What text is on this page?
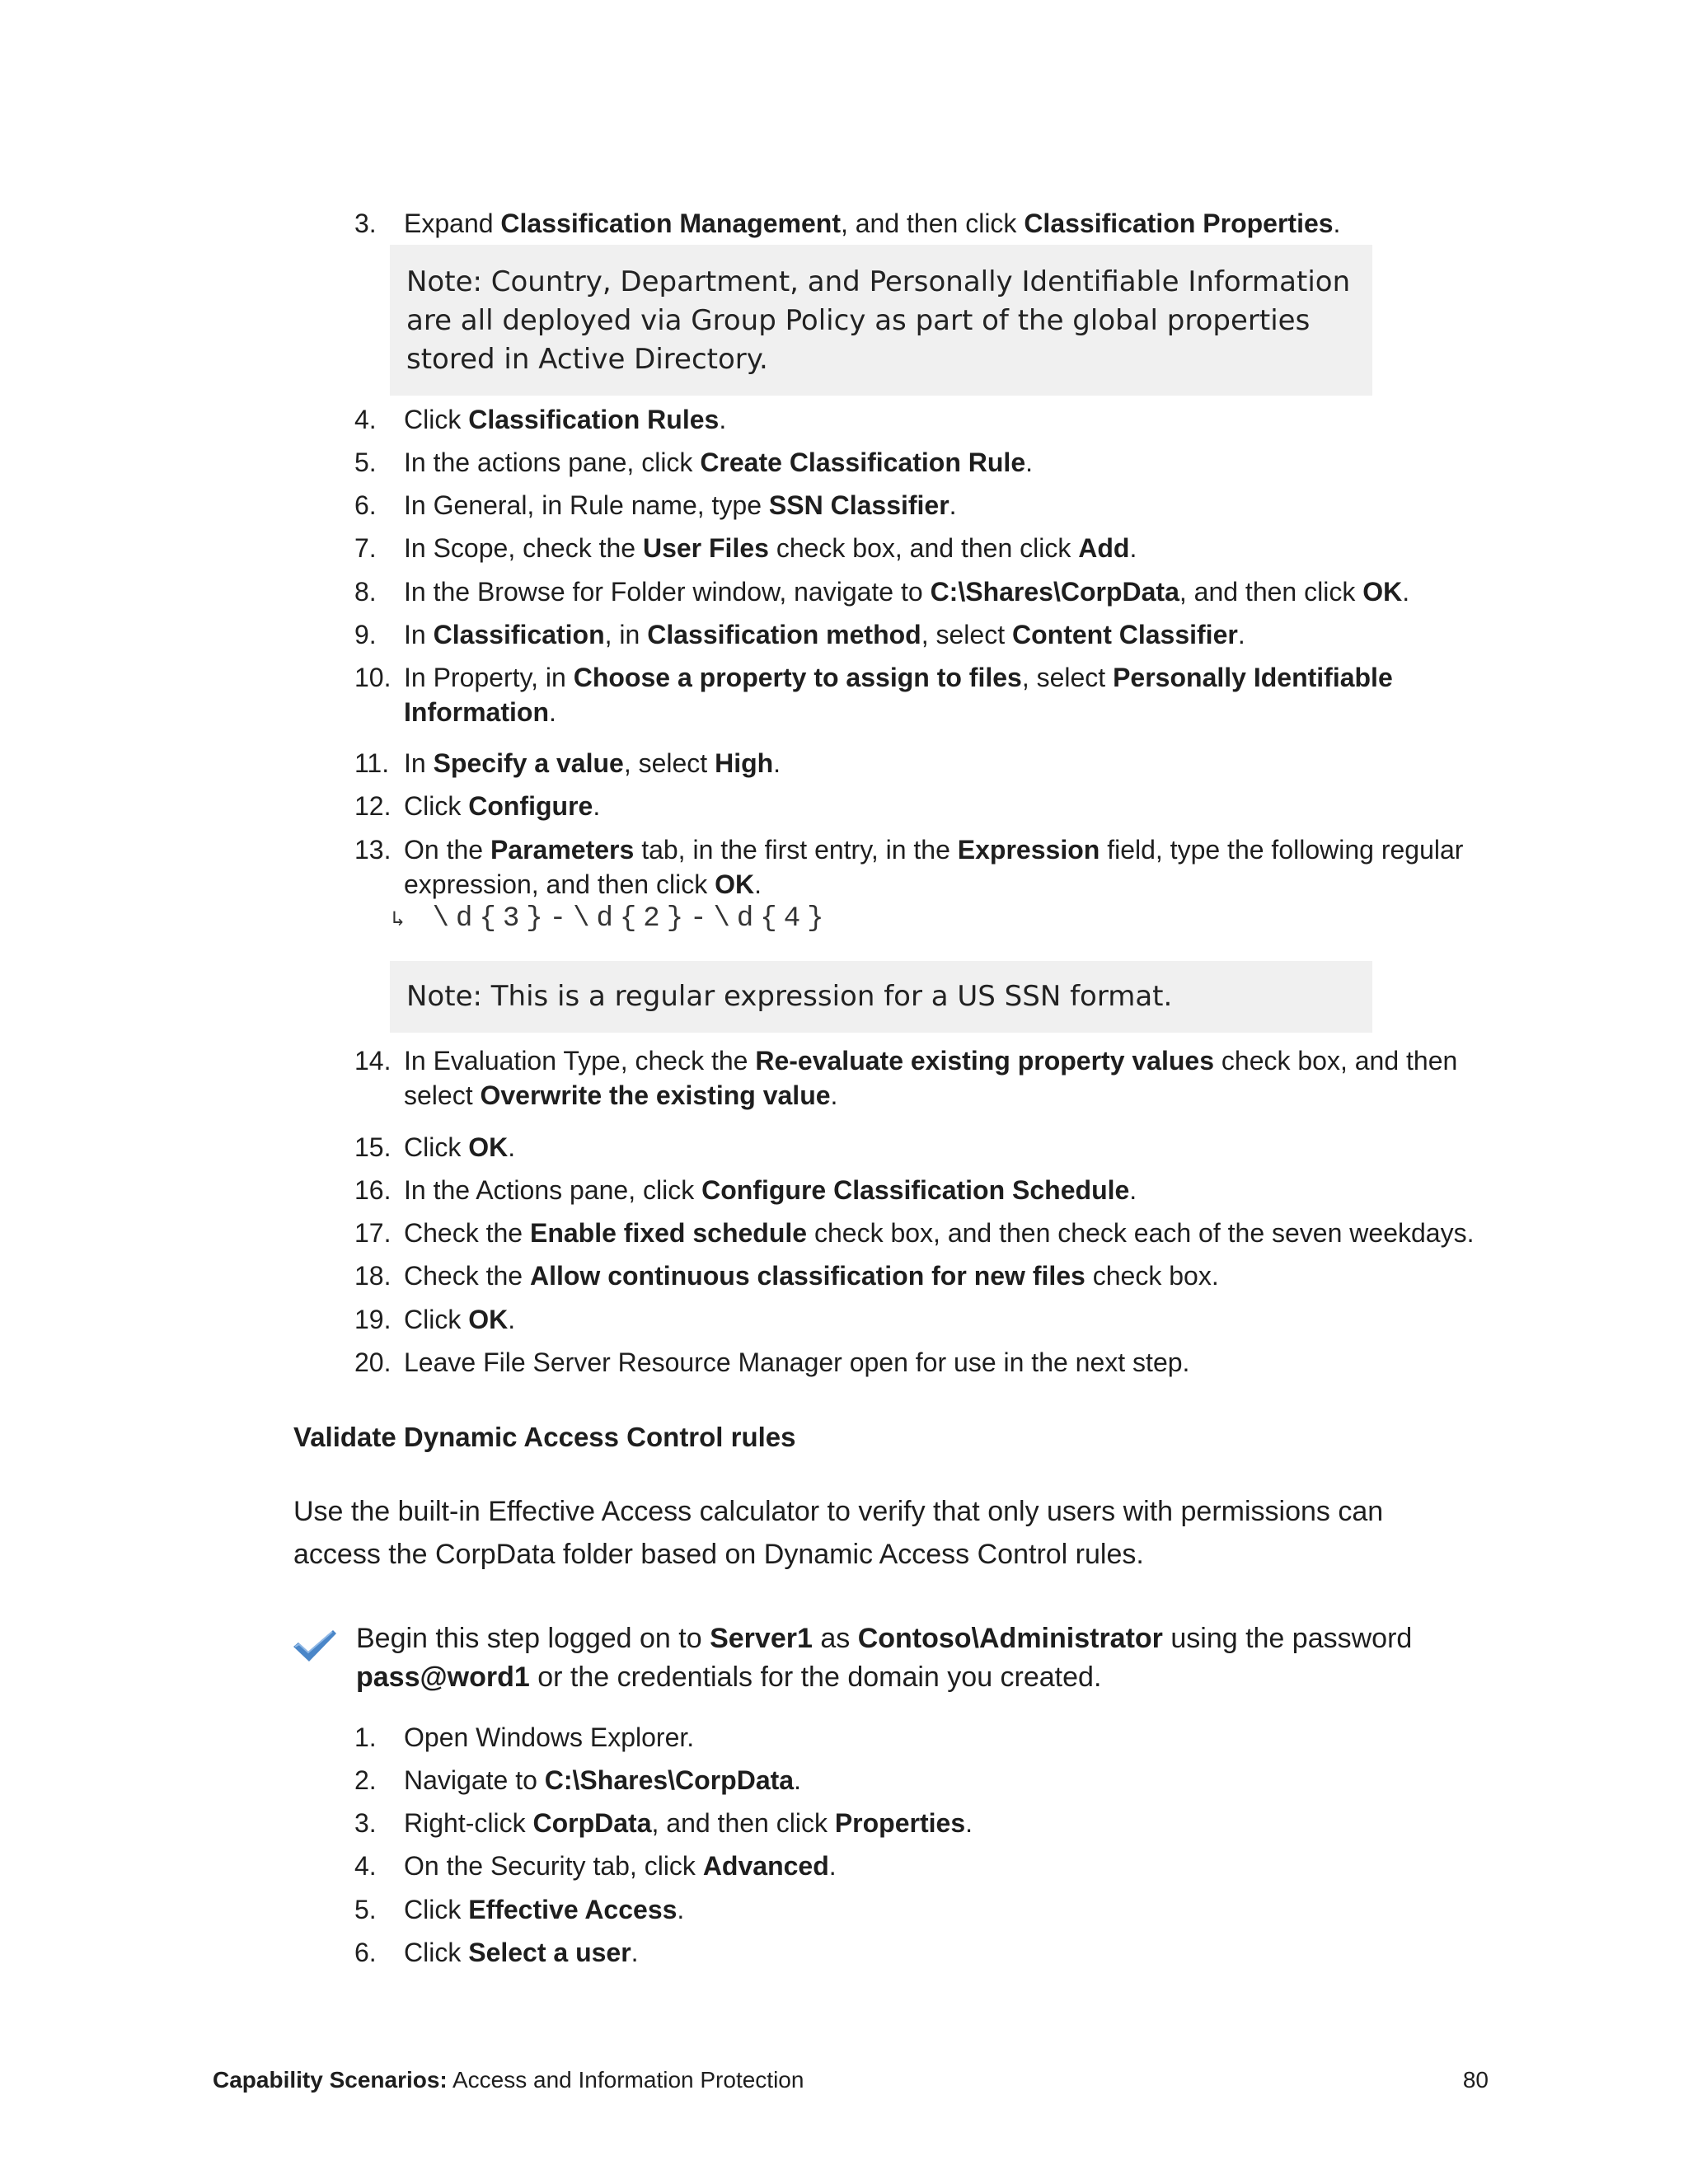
3.	Expand Classification Management, and then click Classification Properties.
Note: Country, Department, and Personally Identifiable Information are all deployed via Group Policy as part of the global properties stored in Active Directory.
4.	Click Classification Rules.
5.	In the actions pane, click Create Classification Rule.
6.	In General, in Rule name, type SSN Classifier.
7.	In Scope, check the User Files check box, and then click Add.
8.	In the Browse for Folder window, navigate to C:\Shares\CorpData, and then click OK.
9.	In Classification, in Classification method, select Content Classifier.
10. In Property, in Choose a property to assign to files, select Personally Identifiable Information.
11. In Specify a value, select High.
12. Click Configure.
13. On the Parameters tab, in the first entry, in the Expression field, type the following regular expression, and then click OK.
↳ \d{3}-\d{2}-\d{4}
Note: This is a regular expression for a US SSN format.
14. In Evaluation Type, check the Re-evaluate existing property values check box, and then select Overwrite the existing value.
15. Click OK.
16. In the Actions pane, click Configure Classification Schedule.
17. Check the Enable fixed schedule check box, and then check each of the seven weekdays.
18. Check the Allow continuous classification for new files check box.
19. Click OK.
20. Leave File Server Resource Manager open for use in the next step.
Validate Dynamic Access Control rules
Use the built-in Effective Access calculator to verify that only users with permissions can access the CorpData folder based on Dynamic Access Control rules.
Begin this step logged on to Server1 as Contoso\Administrator using the password pass@word1 or the credentials for the domain you created.
1.	Open Windows Explorer.
2.	Navigate to C:\Shares\CorpData.
3.	Right-click CorpData, and then click Properties.
4.	On the Security tab, click Advanced.
5.	Click Effective Access.
6.	Click Select a user.
Capability Scenarios: Access and Information Protection	80
